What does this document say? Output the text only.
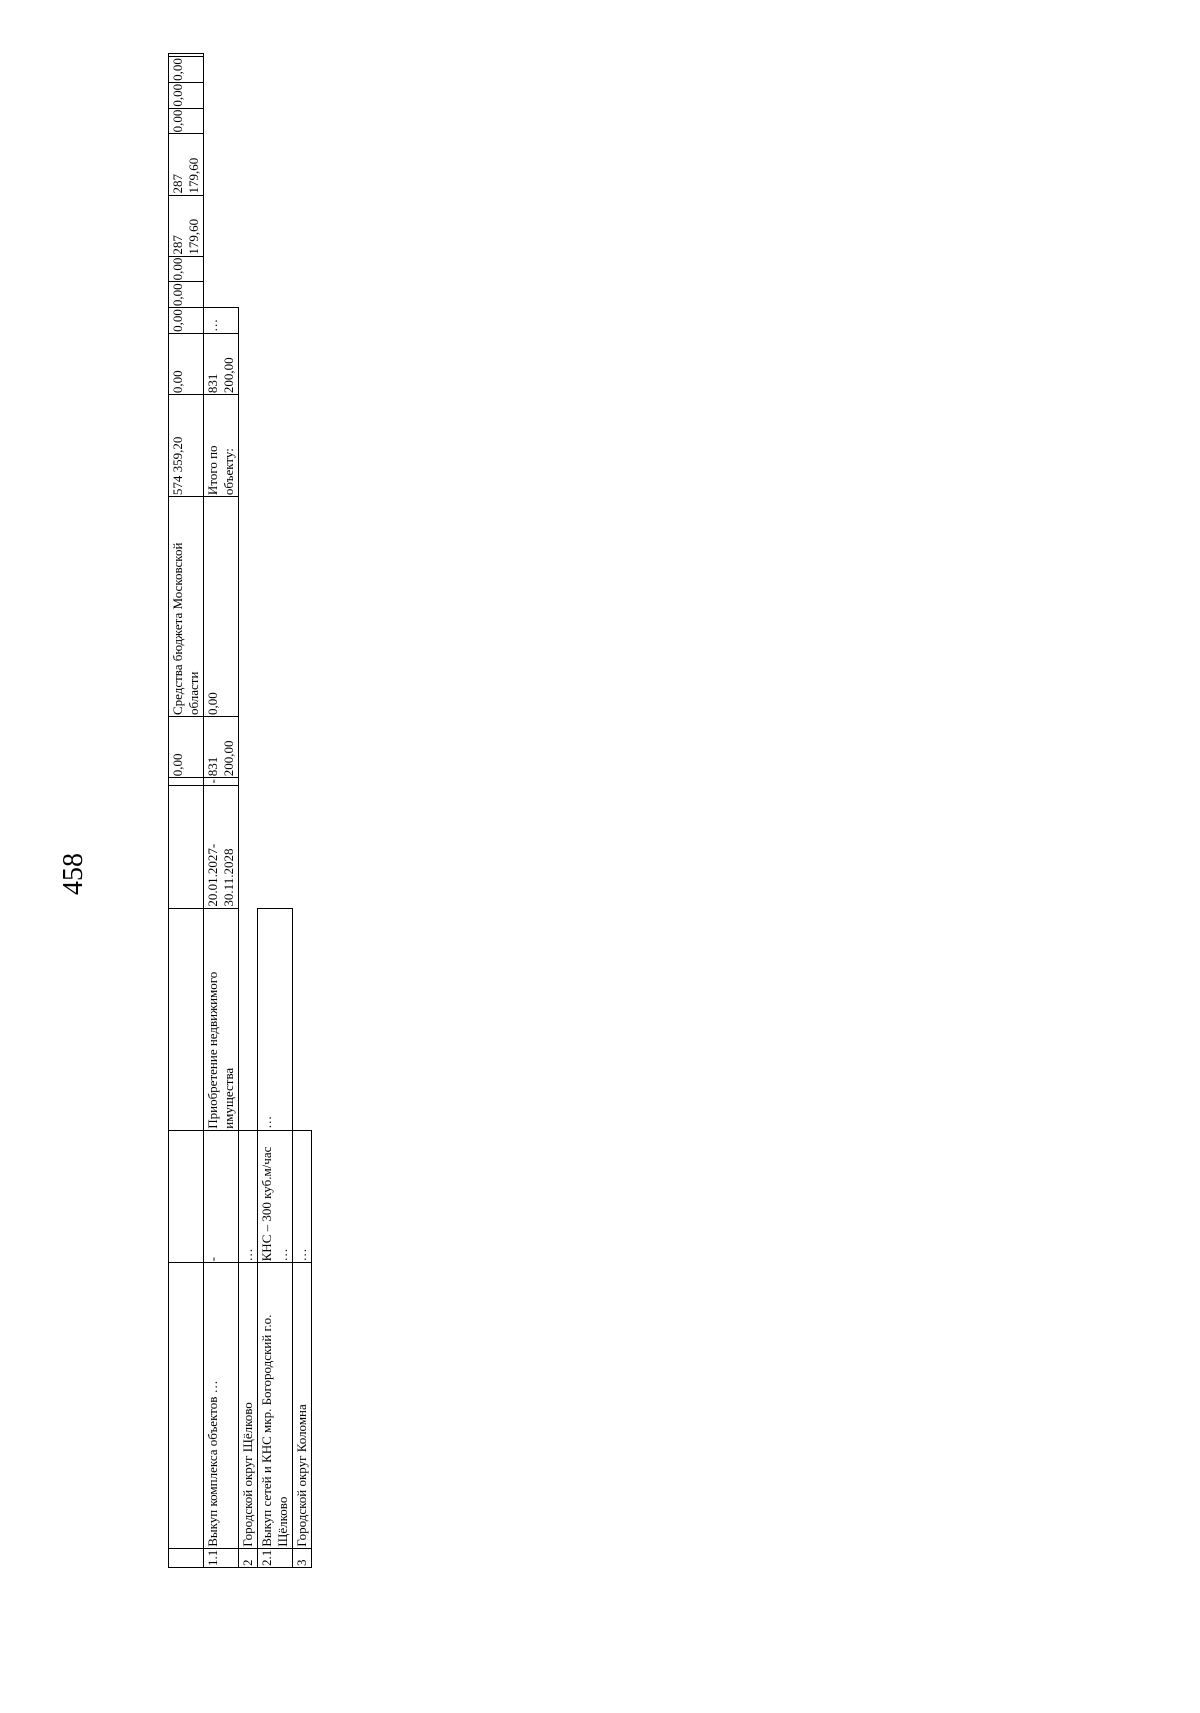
458
						0,00	Средства бюджета Московской области	574 359,20	0,00	0,00	0,00	0,00	287 179,60	287 179,60	0,00	0,00	0,00	
1.1	Выкуп комплекса объектов …	-	Приобретение недвижимого имущества	20.01.2027-30.11.2028	-	831 200,00	0,00	Итого по объекту:	831 200,00	…								
2	Городской округ Щёлково	…																
2.1	Выкуп сетей и КНС мкр. Богородский г.о. Щёлково	КНС – 300 куб.м/час …	…															
3	Городской округ Коломна	…																
